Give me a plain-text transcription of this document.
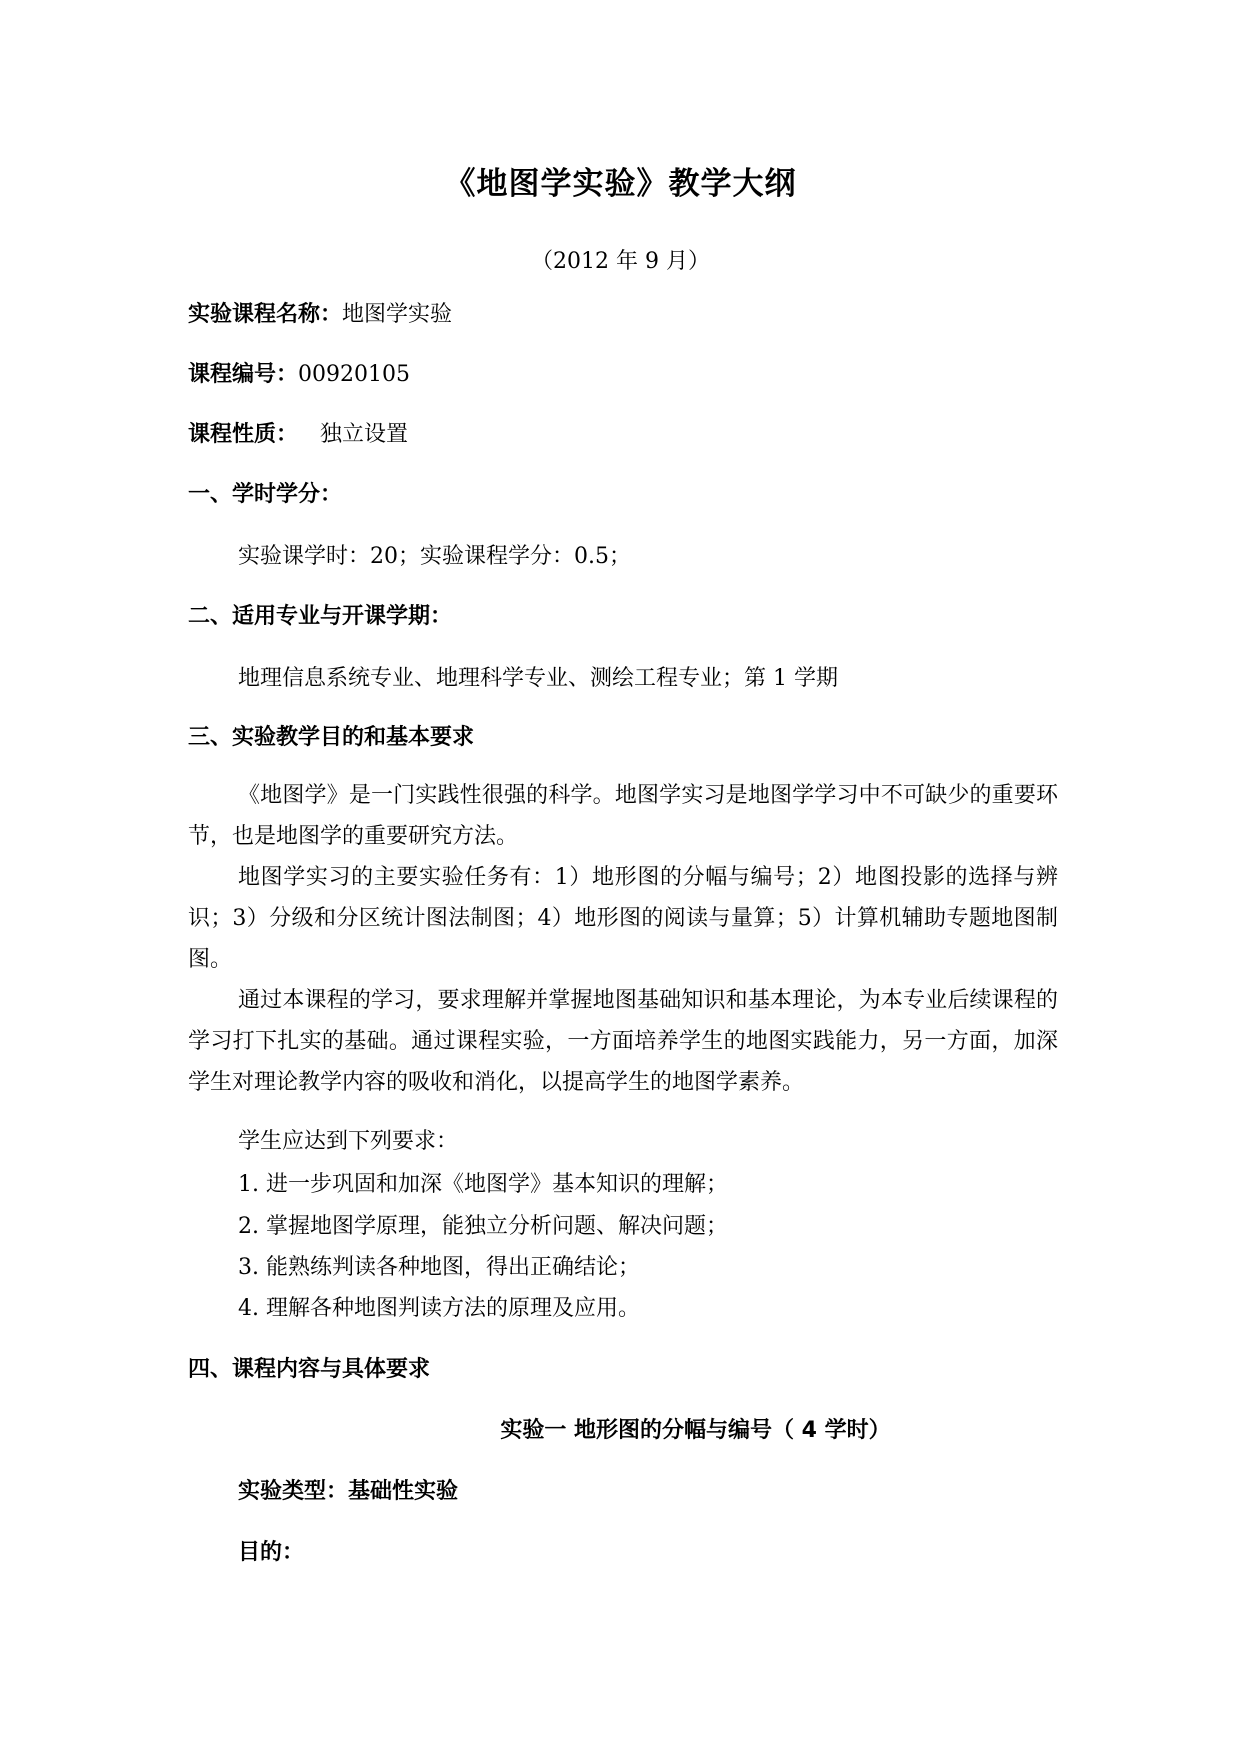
《地图学实验》教学大纲
（2012 年 9 月）
实验课程名称：地图学实验
课程编号：00920105
课程性质： 独立设置
一、学时学分：
实验课学时：20；实验课程学分：0.5；
二、适用专业与开课学期：
地理信息系统专业、地理科学专业、测绘工程专业；第 1 学期
三、实验教学目的和基本要求

《地图学》是一门实践性很强的科学。地图学实习是地图学学习中不可缺少的重要环节，也是地图学的重要研究方法。

地图学实习的主要实验任务有：1）地形图的分幅与编号；2）地图投影的选择与辨识；3）分级和分区统计图法制图；4）地形图的阅读与量算；5）计算机辅助专题地图制图。

通过本课程的学习，要求理解并掌握地图基础知识和基本理论，为本专业后续课程的学习打下扎实的基础。通过课程实验，一方面培养学生的地图实践能力，另一方面，加深学生对理论教学内容的吸收和消化，以提高学生的地图学素养。

学生应达到下列要求：
1. 进一步巩固和加深《地图学》基本知识的理解；
2. 掌握地图学原理，能独立分析问题、解决问题；
3. 能熟练判读各种地图，得出正确结论；
4. 理解各种地图判读方法的原理及应用。
四、课程内容与具体要求
实验一 地形图的分幅与编号（ 4 学时）
实验类型：基础性实验
目的：
